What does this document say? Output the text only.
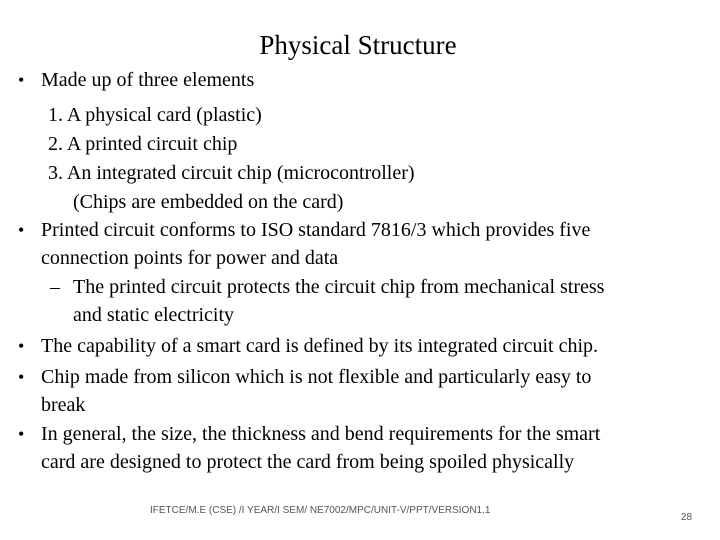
Physical Structure
• Made up of three elements
1. A physical card (plastic)
2. A printed circuit chip
3. An integrated circuit chip (microcontroller)
(Chips are embedded on the card)
• Printed circuit conforms to ISO standard 7816/3 which provides five
connection points for power and data
– The printed circuit protects the circuit chip from mechanical stress
and static electricity
• The capability of a smart card is defined by its integrated circuit chip.
• Chip made from silicon which is not flexible and particularly easy to
break
• In general, the size, the thickness and bend requirements for the smart
card are designed to protect the card from being spoiled physically
IFETCE/M.E (CSE) /I YEAR/I SEM/ NE7002/MPC/UNIT-V/PPT/VERSION1.1
28
